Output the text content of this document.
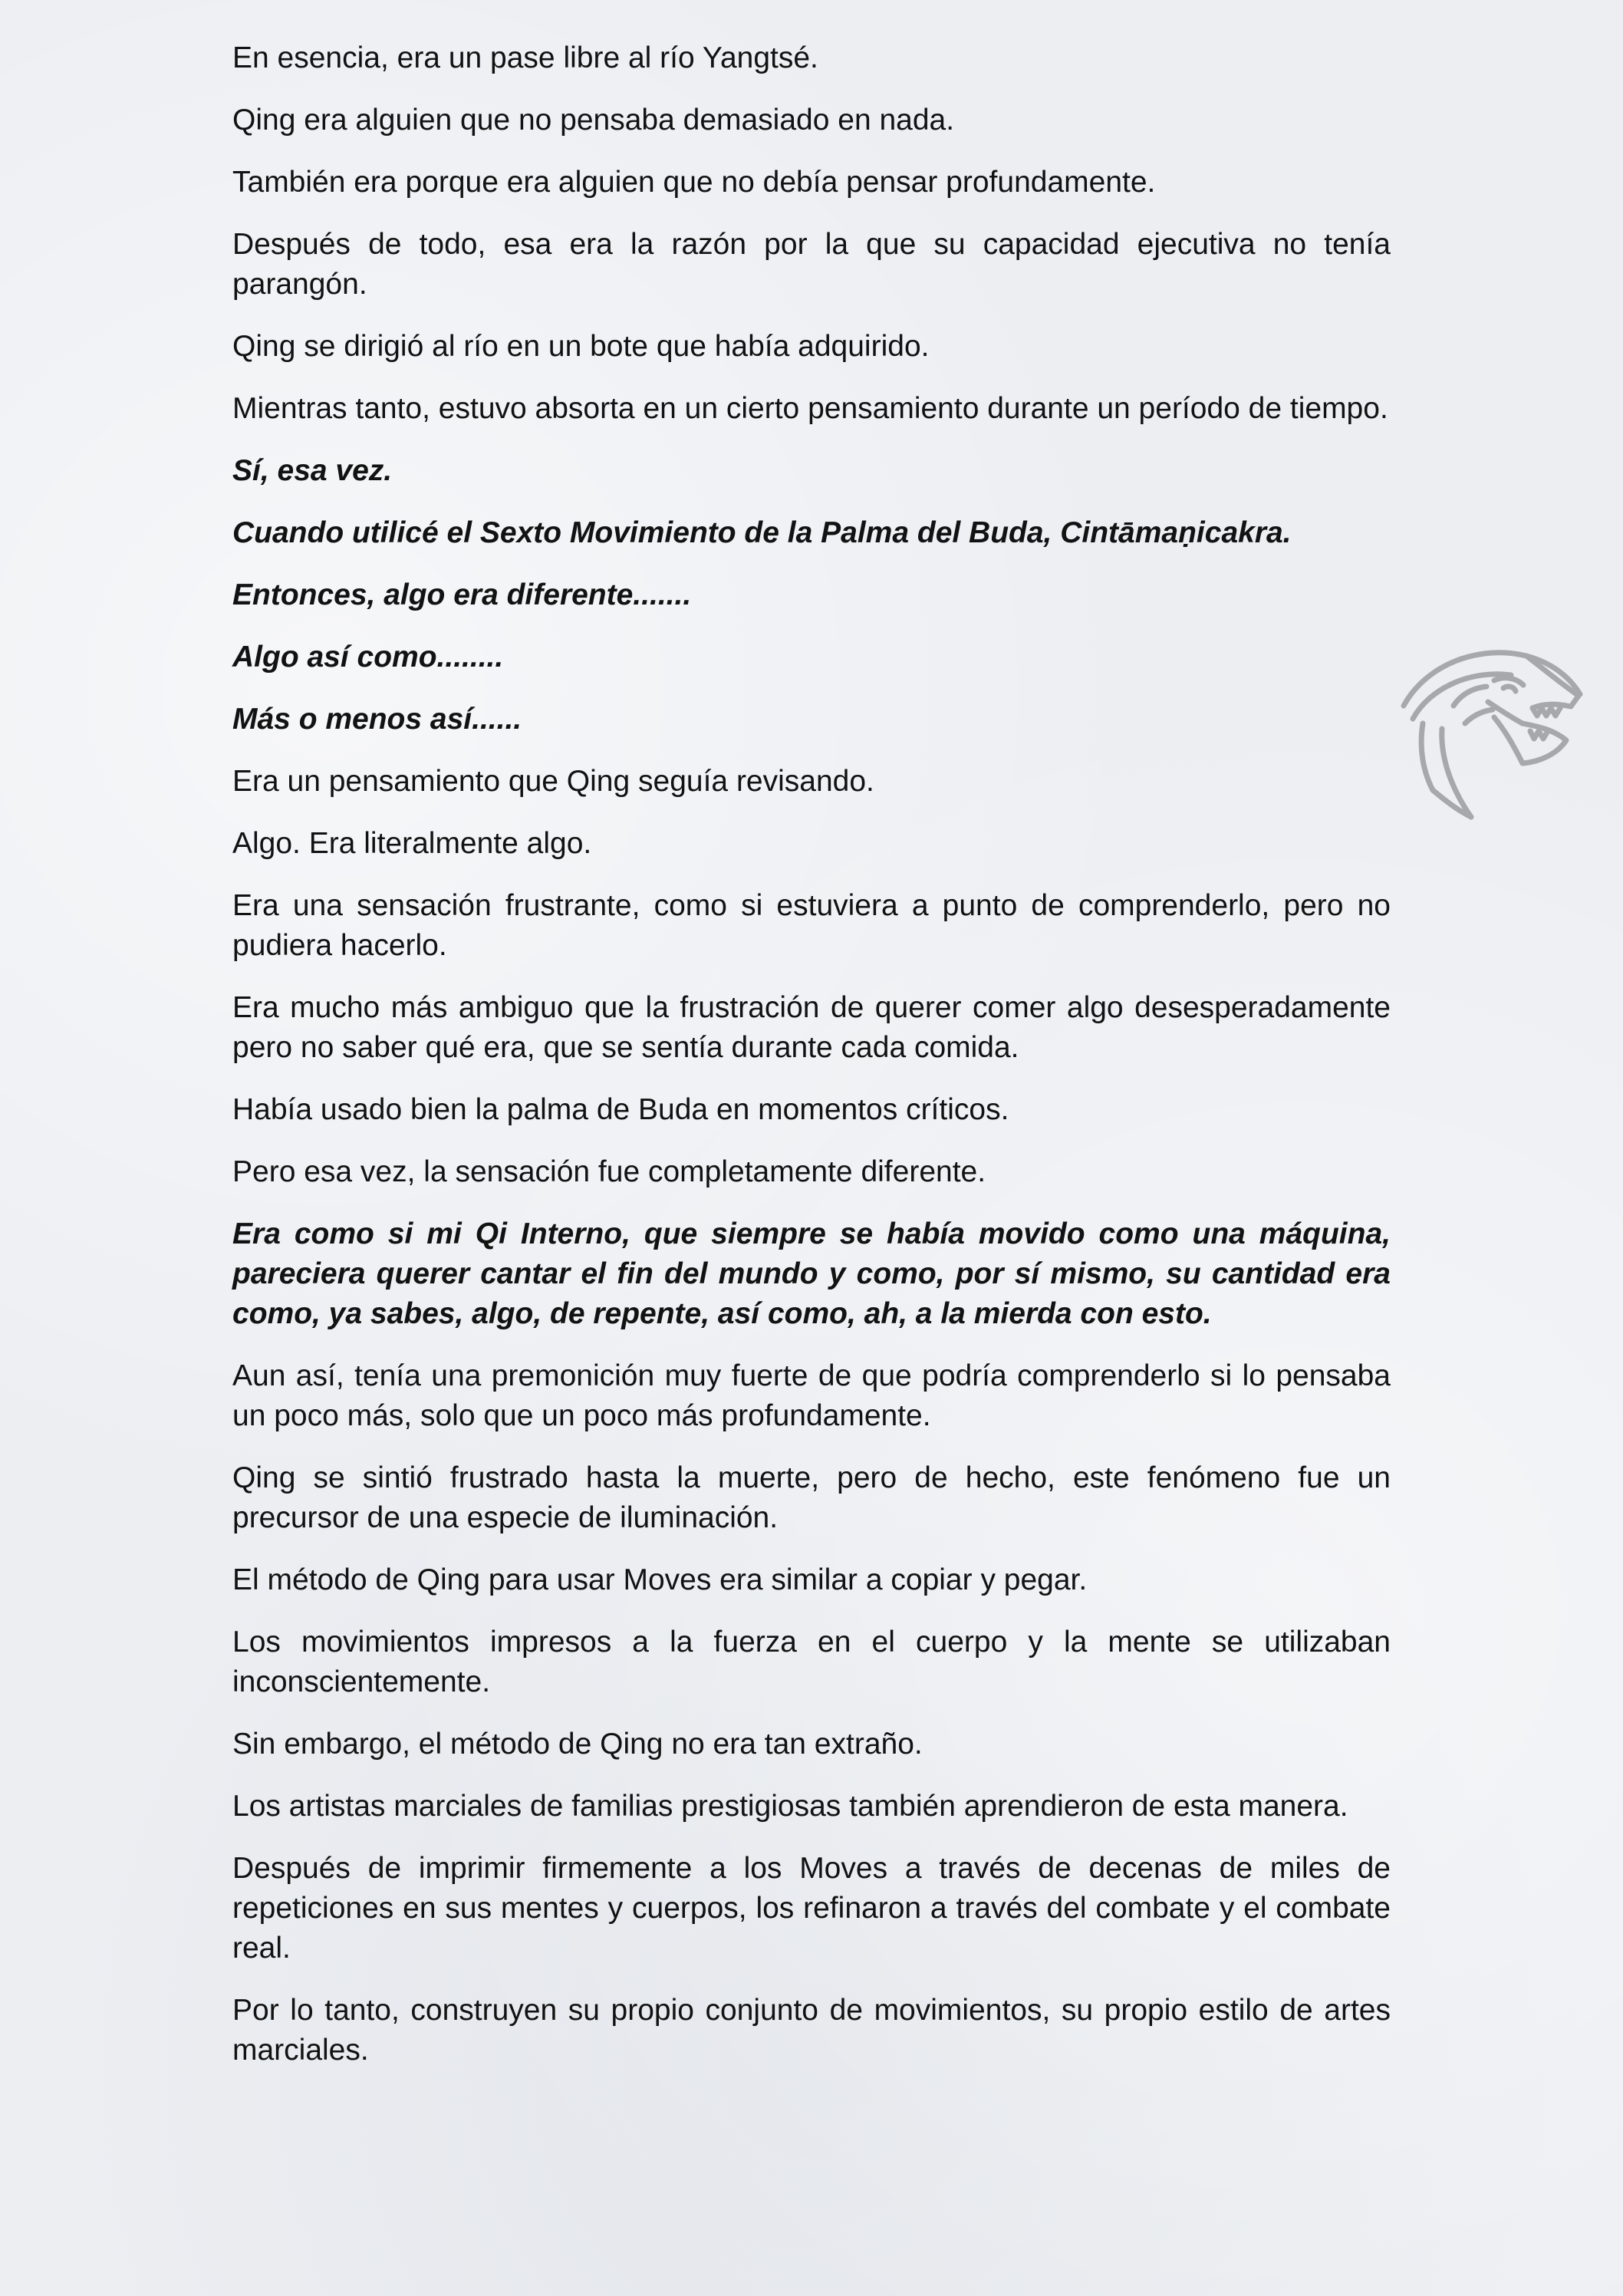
En esencia, era un pase libre al río Yangtsé.

Qing era alguien que no pensaba demasiado en nada.

También era porque era alguien que no debía pensar profundamente.

Después de todo, esa era la razón por la que su capacidad ejecutiva no tenía parangón.

Qing se dirigió al río en un bote que había adquirido.

Mientras tanto, estuvo absorta en un cierto pensamiento durante un período de tiempo.

Sí, esa vez.

Cuando utilicé el Sexto Movimiento de la Palma del Buda, Cintāmaṇicakra.

Entonces, algo era diferente.......

Algo así como........

Más o menos así......

Era un pensamiento que Qing seguía revisando.

Algo. Era literalmente algo.

Era una sensación frustrante, como si estuviera a punto de comprenderlo, pero no pudiera hacerlo.

Era mucho más ambiguo que la frustración de querer comer algo desesperadamente pero no saber qué era, que se sentía durante cada comida.

Había usado bien la palma de Buda en momentos críticos.

Pero esa vez, la sensación fue completamente diferente.

Era como si mi Qi Interno, que siempre se había movido como una máquina, pareciera querer cantar el fin del mundo y como, por sí mismo, su cantidad era como, ya sabes, algo, de repente, así como, ah, a la mierda con esto.

Aun así, tenía una premonición muy fuerte de que podría comprenderlo si lo pensaba un poco más, solo que un poco más profundamente.

Qing se sintió frustrado hasta la muerte, pero de hecho, este fenómeno fue un precursor de una especie de iluminación.

El método de Qing para usar Moves era similar a copiar y pegar.

Los movimientos impresos a la fuerza en el cuerpo y la mente se utilizaban inconscientemente.

Sin embargo, el método de Qing no era tan extraño.

Los artistas marciales de familias prestigiosas también aprendieron de esta manera.

Después de imprimir firmemente a los Moves a través de decenas de miles de repeticiones en sus mentes y cuerpos, los refinaron a través del combate y el combate real.

Por lo tanto, construyen su propio conjunto de movimientos, su propio estilo de artes marciales.
